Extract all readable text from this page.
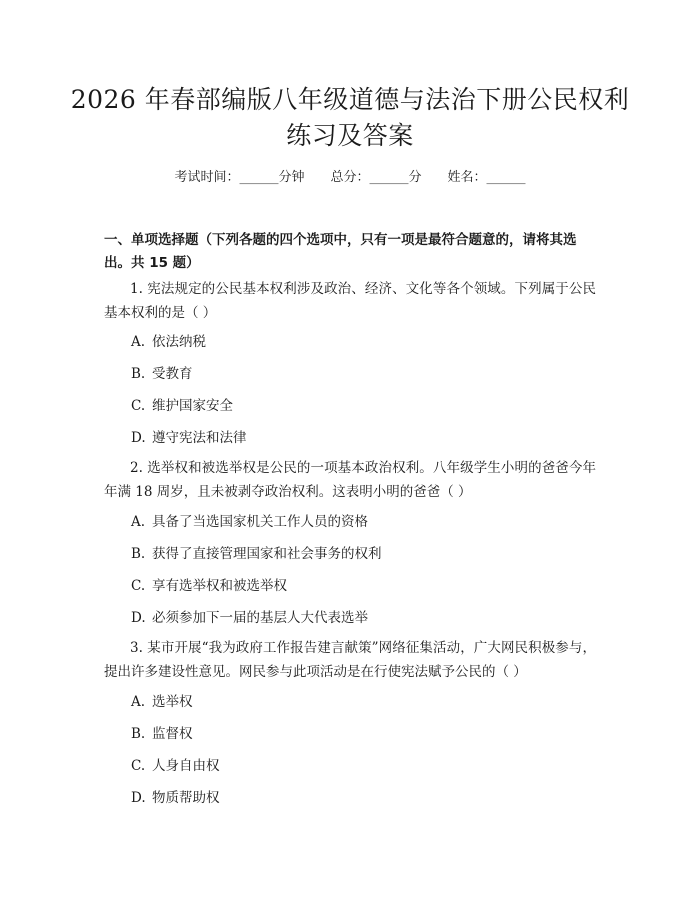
2026 年春部编版八年级道德与法治下册公民权利练习及答案
考试时间：______分钟 总分：______分 姓名：______
一、单项选择题（下列各题的四个选项中，只有一项是最符合题意的，请将其选出。共 15 题）
1. 宪法规定的公民基本权利涉及政治、经济、文化等各个领域。下列属于公民基本权利的是（ ）
A. 依法纳税
B. 受教育
C. 维护国家安全
D. 遵守宪法和法律
2. 选举权和被选举权是公民的一项基本政治权利。八年级学生小明的爸爸今年年满 18 周岁，且未被剥夺政治权利。这表明小明的爸爸（ ）
A. 具备了当选国家机关工作人员的资格
B. 获得了直接管理国家和社会事务的权利
C. 享有选举权和被选举权
D. 必须参加下一届的基层人大代表选举
3. 某市开展“我为政府工作报告建言献策”网络征集活动，广大网民积极参与，提出许多建设性意见。网民参与此项活动是在行使宪法赋予公民的（ ）
A. 选举权
B. 监督权
C. 人身自由权
D. 物质帮助权
